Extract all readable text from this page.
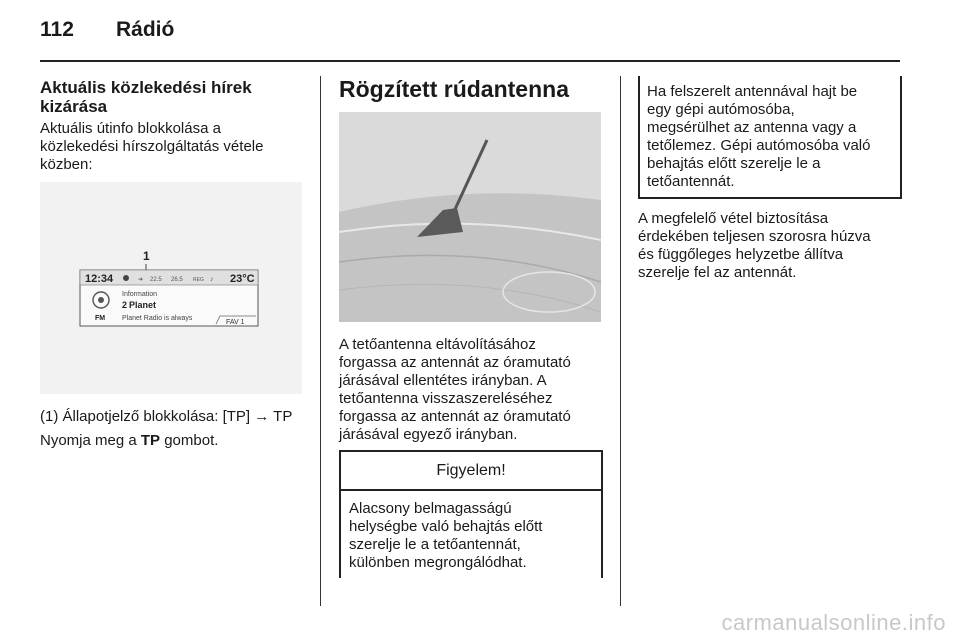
112 Rádió
Aktuális közlekedési hírek
kizárása
Aktuális útinfo blokkolása a
közlekedési hírszolgáltatás vétele
közben:
1
12:34	➜ 22.5 26.5 REG ♪ 23°C
FM
Information
2 Planet
Planet Radio is always
FAV 1
(1) Állapotjelző blokkolása: [TP] → TP
Nyomja meg a TP gombot.
Rögzített rúdantenna
A tetőantenna eltávolításához
forgassa az antennát az óramutató
járásával ellentétes irányban. A
tetőantenna visszaszereléséhez
forgassa az antennát az óramutató
járásával egyező irányban.
Figyelem!
Alacsony belmagasságú
helységbe való behajtás előtt
szerelje le a tetőantennát,
különben megrongálódhat.
Ha felszerelt antennával hajt be
egy gépi autómosóba,
megsérülhet az antenna vagy a
tetőlemez. Gépi autómosóba való
behajtás előtt szerelje le a
tetőantennát.
A megfelelő vétel biztosítása
érdekében teljesen szorosra húzva
és függőleges helyzetbe állítva
szerelje fel az antennát.
carmanualsonline.info
